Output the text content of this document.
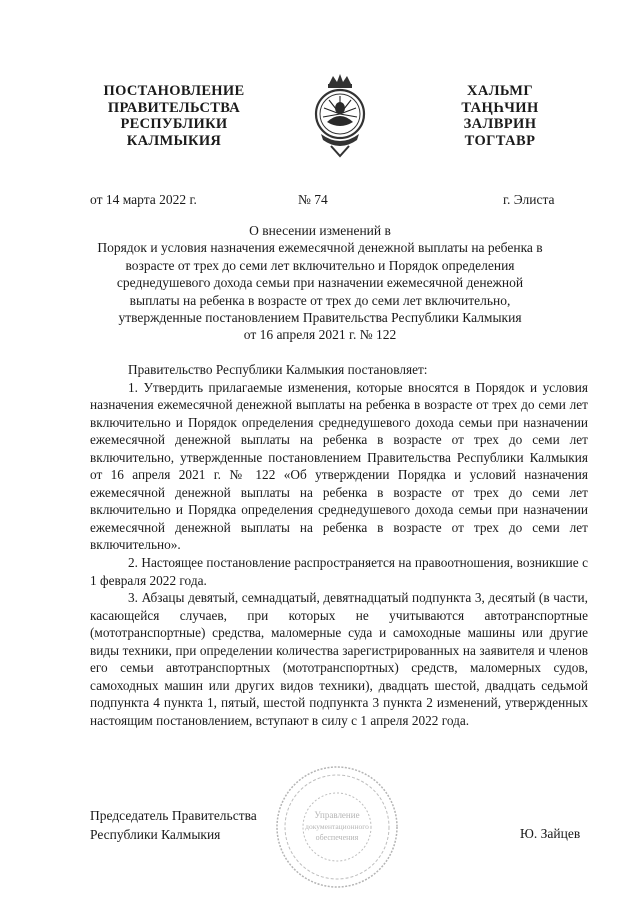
ПОСТАНОВЛЕНИЕ
ПРАВИТЕЛЬСТВА
РЕСПУБЛИКИ
КАЛМЫКИЯ
ХАЛЬМГ
ТАҢҺЧИН
ЗАЛВРИН
ТОГТАВР
от 14 марта 2022 г.	№ 74	г. Элиста
О внесении изменений в
Порядок и условия назначения ежемесячной денежной выплаты на ребенка в
возрасте от трех до семи лет включительно и Порядок определения
среднедушевого дохода семьи при назначении ежемесячной денежной
выплаты на ребенка в возрасте от трех до семи лет включительно,
утвержденные постановлением Правительства Республики Калмыкия
от 16 апреля 2021 г. № 122

Правительство Республики Калмыкия постановляет:

1. Утвердить прилагаемые изменения, которые вносятся в Порядок и условия назначения ежемесячной денежной выплаты на ребенка в возрасте от трех до семи лет включительно и Порядок определения среднедушевого дохода семьи при назначении ежемесячной денежной выплаты на ребенка в возрасте от трех до семи лет включительно, утвержденные постановлением Правительства Республики Калмыкия от 16 апреля 2021 г. № 122 «Об утверждении Порядка и условий назначения ежемесячной денежной выплаты на ребенка в возрасте от трех до семи лет включительно и Порядка определения среднедушевого дохода семьи при назначении ежемесячной денежной выплаты на ребенка в возрасте от трех до семи лет включительно».

2. Настоящее постановление распространяется на правоотношения, возникшие с 1 февраля 2022 года.

3. Абзацы девятый, семнадцатый, девятнадцатый подпункта 3, десятый (в части, касающейся случаев, при которых не учитываются автотранспортные (мототранспортные) средства, маломерные суда и самоходные машины или другие виды техники, при определении количества зарегистрированных на заявителя и членов его семьи автотранспортных (мототранспортных) средств, маломерных судов, самоходных машин или других видов техники), двадцать шестой, двадцать седьмой подпункта 4 пункта 1, пятый, шестой подпункта 3 пункта 2 изменений, утвержденных настоящим постановлением, вступают в силу с 1 апреля 2022 года.

Председатель Правительства
Республики Калмыкия
Управление
документационного
обеспечения	Ю. Зайцев
